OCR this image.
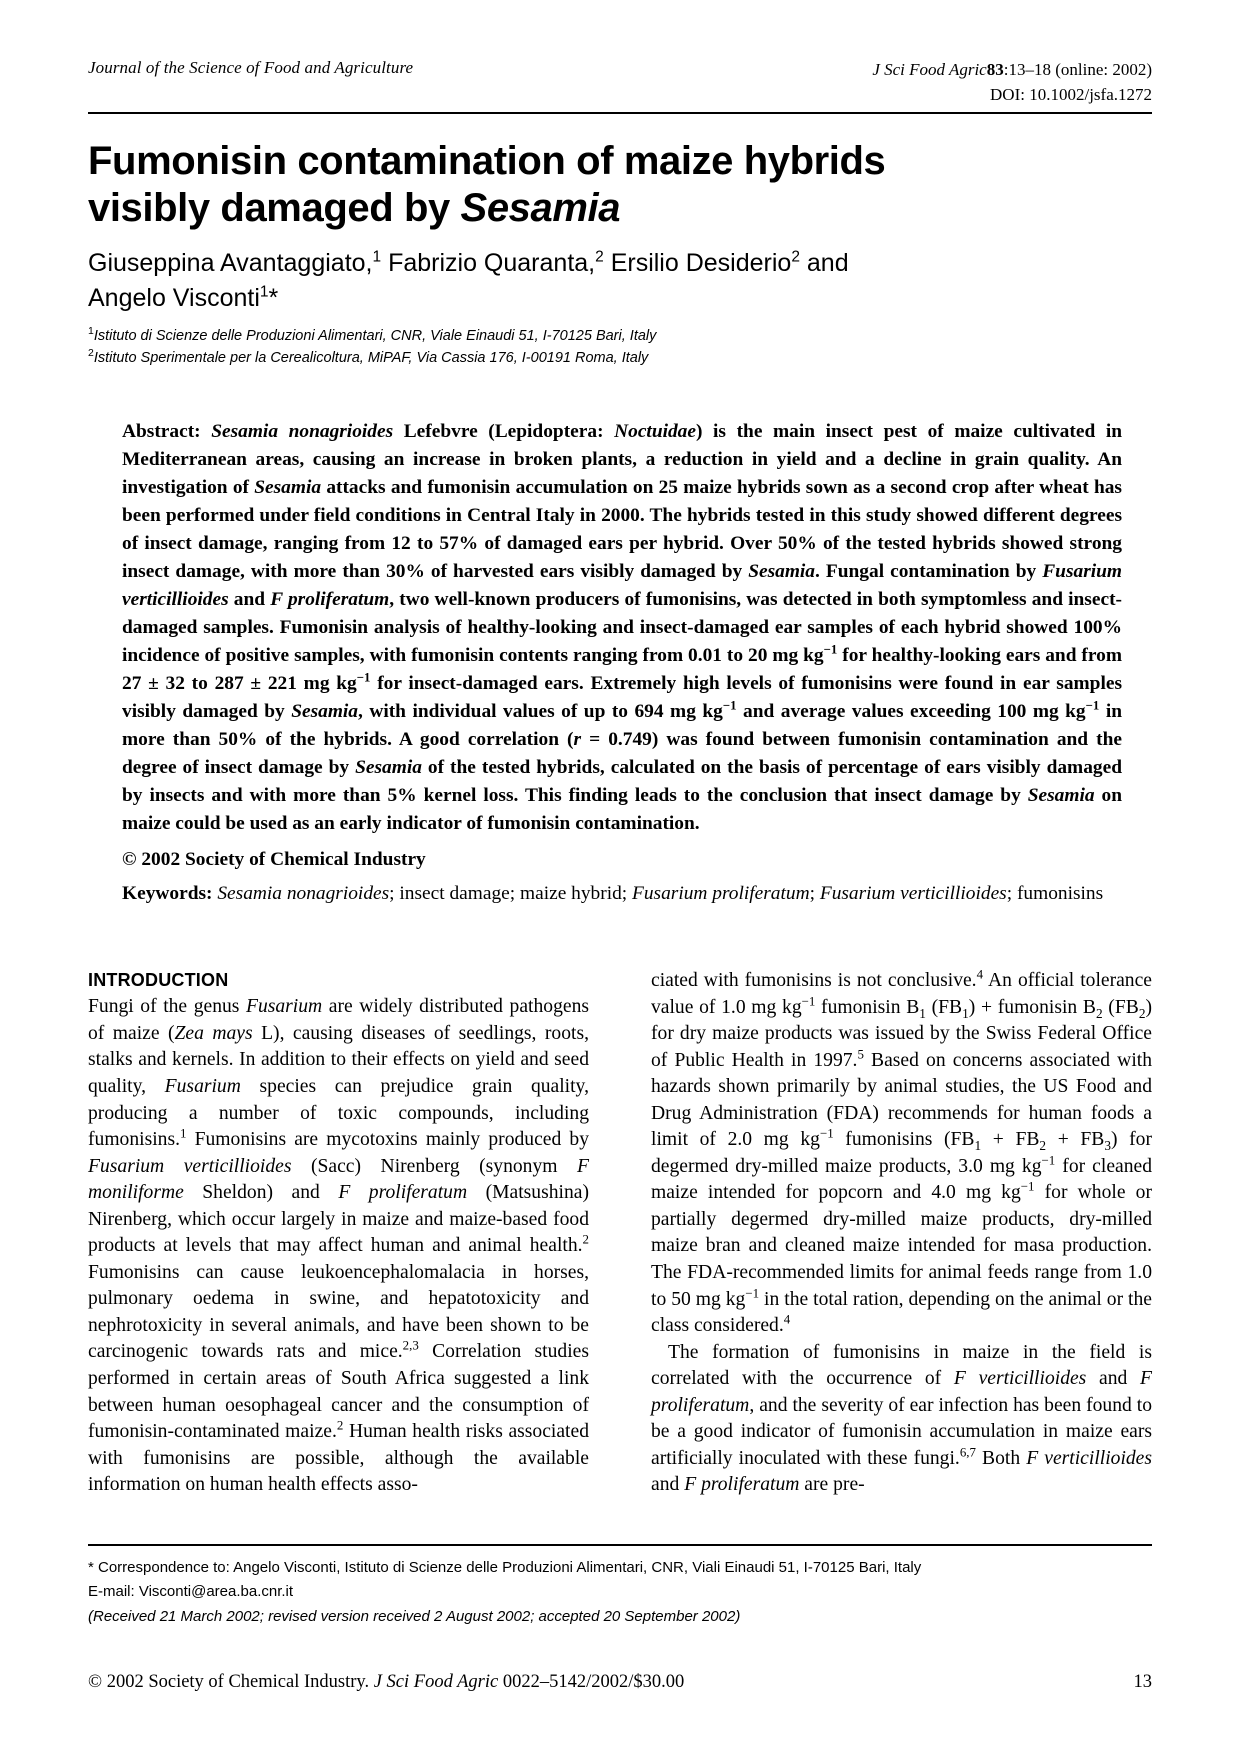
Journal of the Science of Food and Agriculture	J Sci Food Agric83:13–18 (online: 2002)
DOI: 10.1002/jsfa.1272
Fumonisin contamination of maize hybrids
visibly damaged by Sesamia
Giuseppina Avantaggiato,$^1$ Fabrizio Quaranta,$^2$ Ersilio Desiderio$^2$ and
Angelo Visconti$^1$*

$^1$Istituto di Scienze delle Produzioni Alimentari, CNR, Viale Einaudi 51, I-70125 Bari, Italy

$^2$Istituto Sperimentale per la Cerealicoltura, MiPAF, Via Cassia 176, I-00191 Roma, Italy

Abstract: Sesamia nonagrioides Lefebvre (Lepidoptera: Noctuidae) is the main insect pest of maize cultivated in Mediterranean areas, causing an increase in broken plants, a reduction in yield and a decline in grain quality. An investigation of Sesamia attacks and fumonisin accumulation on 25 maize hybrids sown as a second crop after wheat has been performed under field conditions in Central Italy in 2000. The hybrids tested in this study showed different degrees of insect damage, ranging from 12 to 57% of damaged ears per hybrid. Over 50% of the tested hybrids showed strong insect damage, with more than 30% of harvested ears visibly damaged by Sesamia. Fungal contamination by Fusarium verticillioides and F proliferatum, two well-known producers of fumonisins, was detected in both symptomless and insect-damaged samples. Fumonisin analysis of healthy-looking and insect-damaged ear samples of each hybrid showed 100% incidence of positive samples, with fumonisin contents ranging from 0.01 to 20 mg $kg^{-1}$ for healthy-looking ears and from 27 ± 32 to 287 ± 221 mg $kg^{-1}$ for insect-damaged ears. Extremely high levels of fumonisins were found in ear samples visibly damaged by Sesamia, with individual values of up to 694 mg $kg^{-1}$ and average values exceeding 100 mg $kg^{-1}$ in more than 50% of the hybrids. A good correlation (r = 0.749) was found between fumonisin contamination and the degree of insect damage by Sesamia of the tested hybrids, calculated on the basis of percentage of ears visibly damaged by insects and with more than 5% kernel loss. This finding leads to the conclusion that insect damage by Sesamia on maize could be used as an early indicator of fumonisin contamination.
© 2002 Society of Chemical Industry
Keywords: Sesamia nonagrioides; insect damage; maize hybrid; Fusarium proliferatum; Fusarium verticillioides; fumonisins
INTRODUCTION

Fungi of the genus Fusarium are widely distributed pathogens of maize (Zea mays L), causing diseases of seedlings, roots, stalks and kernels. In addition to their effects on yield and seed quality, Fusarium species can prejudice grain quality, producing a number of toxic compounds, including fumonisins.$^1$ Fumonisins are mycotoxins mainly produced by Fusarium verticillioides (Sacc) Nirenberg (synonym F moniliforme Sheldon) and F proliferatum (Matsushina) Nirenberg, which occur largely in maize and maize-based food products at levels that may affect human and animal health.$^2$ Fumonisins can cause leukoencephalomalacia in horses, pulmonary oedema in swine, and hepatotoxicity and nephrotoxicity in several animals, and have been shown to be carcinogenic towards rats and mice.$^{2,3}$ Correlation studies performed in certain areas of South Africa suggested a link between human oesophageal cancer and the consumption of fumonisin-contaminated maize.$^2$ Human health risks associated with fumonisins are possible, although the available information on human health effects asso-

ciated with fumonisins is not conclusive.$^4$ An official tolerance value of 1.0 mg $kg^{-1}$ fumonisin $B_1$ $(FB_1)$ + fumonisin $B_2$ $(FB_2)$ for dry maize products was issued by the Swiss Federal Office of Public Health in 1997.$^5$ Based on concerns associated with hazards shown primarily by animal studies, the US Food and Drug Administration (FDA) recommends for human foods a limit of 2.0 mg $kg^{-1}$ fumonisins $(FB_1 + FB_2 + FB_3)$ for degermed dry-milled maize products, 3.0 mg $kg^{-1}$ for cleaned maize intended for popcorn and 4.0 mg $kg^{-1}$ for whole or partially degermed dry-milled maize products, dry-milled maize bran and cleaned maize intended for masa production. The FDA-recommended limits for animal feeds range from 1.0 to 50 mg $kg^{-1}$ in the total ration, depending on the animal or the class considered.$^4$

The formation of fumonisins in maize in the field is correlated with the occurrence of F verticillioides and F proliferatum, and the severity of ear infection has been found to be a good indicator of fumonisin accumulation in maize ears artificially inoculated with these fungi.$^{6,7}$ Both F verticillioides and F proliferatum are pre-

* Correspondence to: Angelo Visconti, Istituto di Scienze delle Produzioni Alimentari, CNR, Viali Einaudi 51, I-70125 Bari, Italy
E-mail: Visconti@area.ba.cnr.it
(Received 21 March 2002; revised version received 2 August 2002; accepted 20 September 2002)
© 2002 Society of Chemical Industry. J Sci Food Agric 0022–5142/2002/$30.00	13
